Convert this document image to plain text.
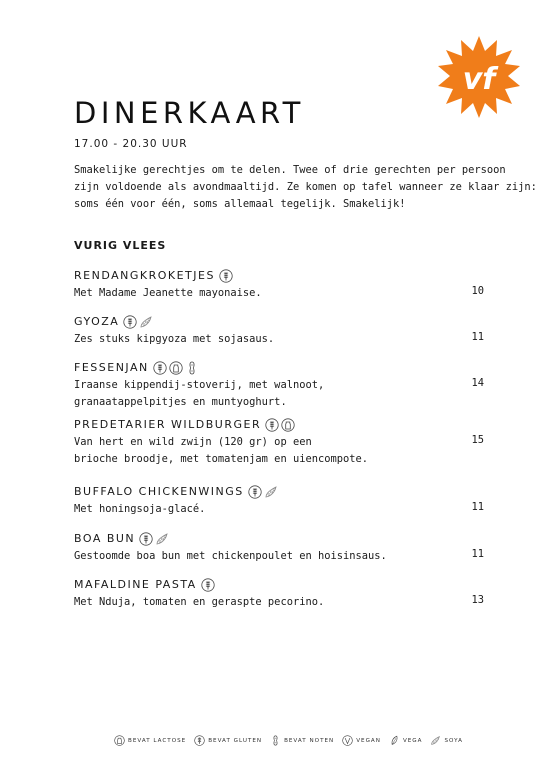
vf
DINERKAART
17.00 - 20.30 UUR
Smakelijke gerechtjes om te delen. Twee of drie gerechten per persoon
zijn voldoende als avondmaaltijd. Ze komen op tafel wanneer ze klaar zijn:
soms één voor één, soms allemaal tegelijk. Smakelijk!
VURIG VLEES
RENDANGKROKETJES
Met Madame Jeanette mayonaise.	10
GYOZA
Zes stuks kipgyoza met sojasaus.	11
FESSENJAN
Iraanse kippendij-stoverij, met walnoot,
granaatappelpitjes en muntyoghurt.
14
PREDETARIER WILDBURGER
Van hert en wild zwijn (120 gr) op een
brioche broodje, met tomatenjam en uiencompote.
15
BUFFALO CHICKENWINGS
Met honingsoja-glacé.	11
BOA BUN
Gestoomde boa bun met chickenpoulet en hoisinsaus.	11
MAFALDINE PASTA
Met Nduja, tomaten en geraspte pecorino.	13
BEVAT LACTOSE	BEVAT GLUTEN	BEVAT NOTEN	VEGAN	VEGA	SOYA
